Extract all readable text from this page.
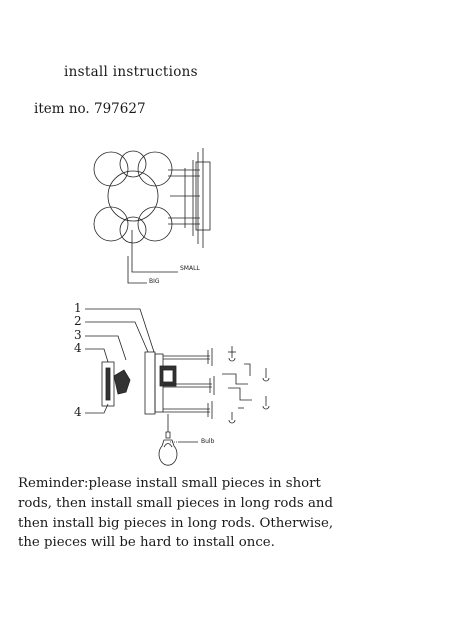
install instructions
item no. 797627
SMALL
BIG
1
2
3
4
4
Bulb
Reminder:please install small pieces in short
rods, then install small pieces in long rods and
then install big pieces in long rods. Otherwise,
the pieces will be hard to install once.
